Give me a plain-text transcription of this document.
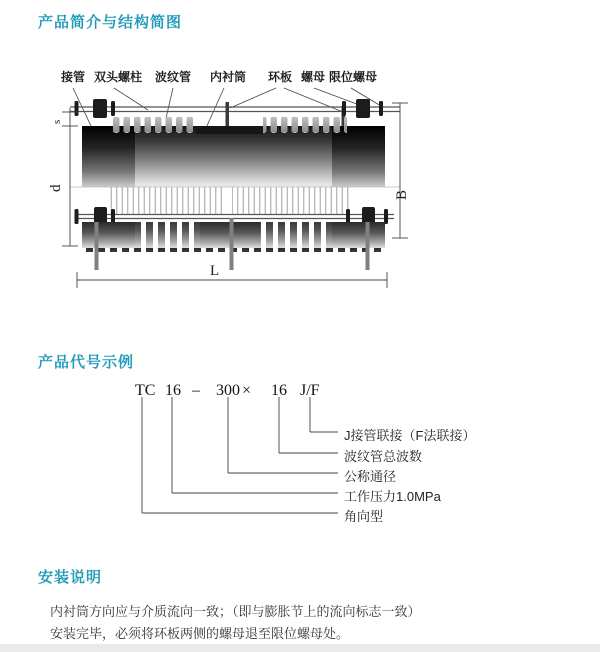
产品简介与结构简图
s
d
B
L
接管 双头螺柱 波纹管 内衬筒 环板 螺母 限位螺母
产品代号示例
TC 16 – 300 × 16 J/F
J接管联接（F法联接）
波纹管总波数
公称通径
工作压力1.0MPa
角向型
安装说明

内衬筒方向应与介质流向一致；（即与膨胀节上的流向标志一致）

安装完毕，必须将环板两侧的螺母退至限位螺母处。
